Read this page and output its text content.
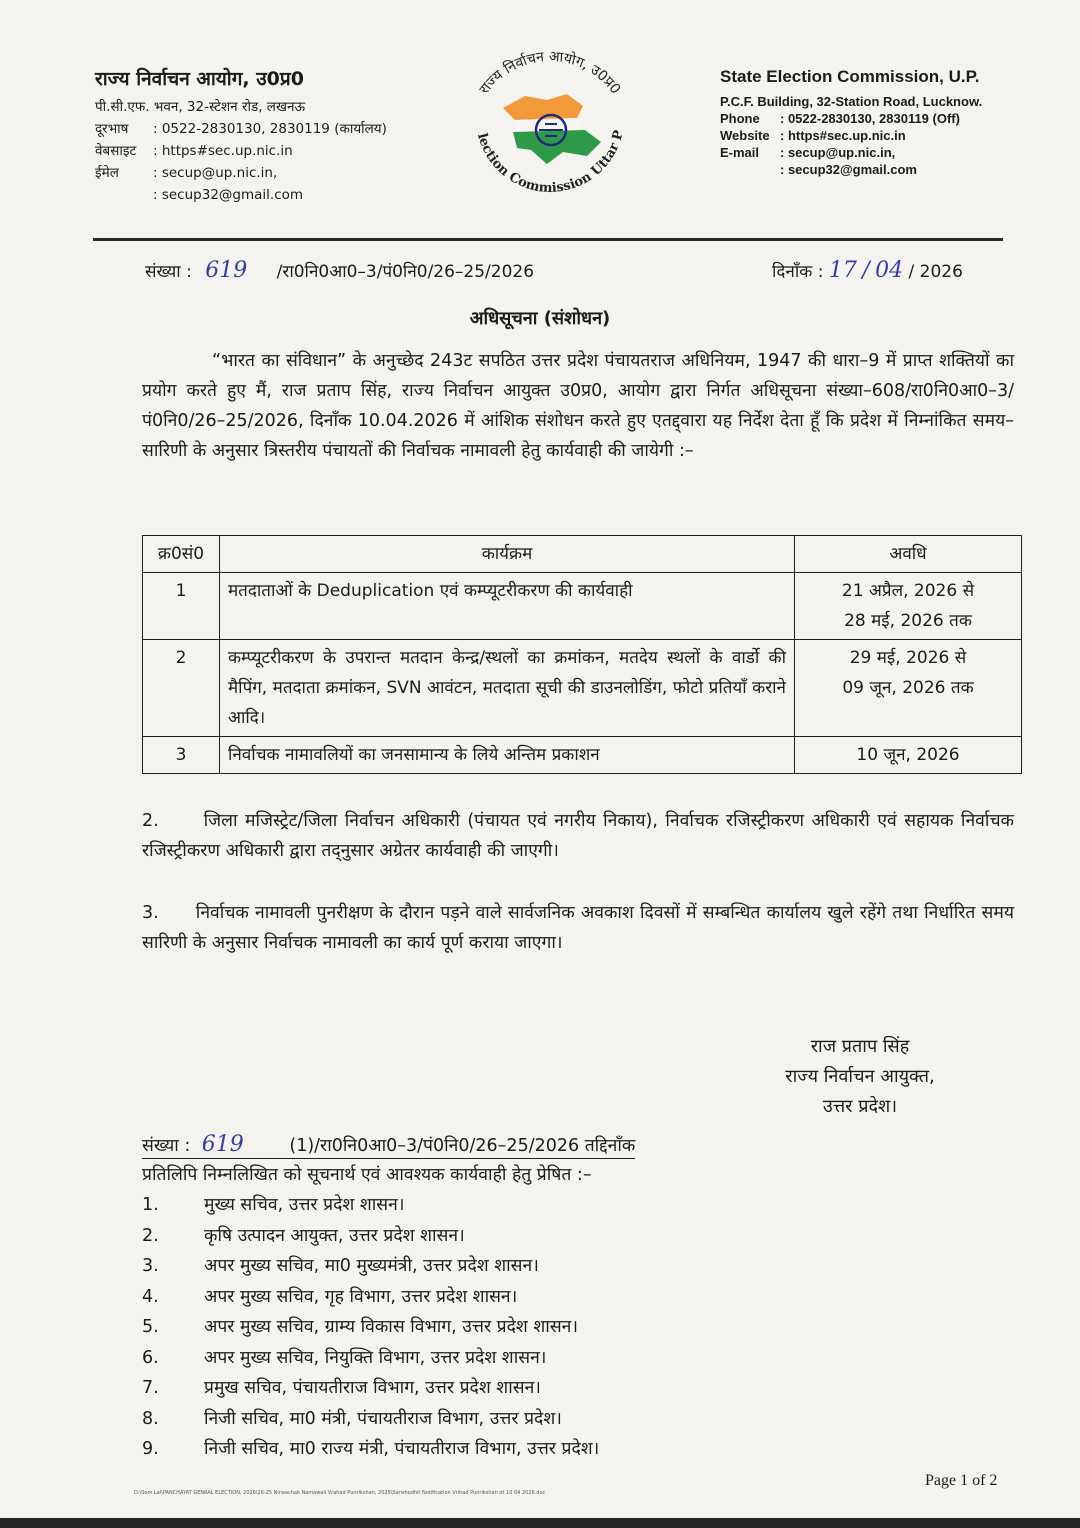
राज्य निर्वाचन आयोग, उ0प्र0
पी.सी.एफ. भवन, 32-स्टेशन रोड, लखनऊ
दूरभाष	: 0522-2830130, 2830119 (कार्यालय)
वेबसाइट	: https#sec.up.nic.in
ईमेल	: secup@up.nic.in,
: secup32@gmail.com
राज्य निर्वाचन आयोग, उ0प्र0
lection Commission Uttar P
State Election Commission, U.P.
P.C.F. Building, 32-Station Road, Lucknow.
Phone	: 0522-2830130, 2830119 (Off)
Website : https#sec.up.nic.in
E-mail	: secup@up.nic.in,
: secup32@gmail.com
संख्या : 619 /रा0नि0आ0–3/पं0नि0/26–25/2026	दिनाँक : 17 / 04 / 2026
अधिसूचना (संशोधन)
“भारत का संविधान” के अनुच्छेद 243ट सपठित उत्तर प्रदेश पंचायतराज अधिनियम, 1947 की धारा–9 में प्राप्त शक्तियों का प्रयोग करते हुए मैं, राज प्रताप सिंह, राज्य निर्वाचन आयुक्त उ0प्र0, आयोग द्वारा निर्गत अधिसूचना संख्या–608/रा0नि0आ0–3/पं0नि0/26–25/2026, दिनाँक 10.04.2026 में आंशिक संशोधन करते हुए एतद्द्वारा यह निर्देश देता हूँ कि प्रदेश में निम्नांकित समय–सारिणी के अनुसार त्रिस्तरीय पंचायतों की निर्वाचक नामावली हेतु कार्यवाही की जायेगी :–
क्र0सं0	कार्यक्रम	अवधि
1	मतदाताओं के Deduplication एवं कम्प्यूटरीकरण की कार्यवाही	21 अप्रैल, 2026 से
28 मई, 2026 तक

2	कम्प्यूटरीकरण के उपरान्त मतदान केन्द्र/स्थलों का क्रमांकन, मतदेय स्थलों के वार्डो की मैपिंग, मतदाता क्रमांकन, SVN आवंटन, मतदाता सूची की डाउनलोडिंग, फोटो प्रतियाँ कराने आदि।	29 मई, 2026 से
09 जून, 2026 तक

3	निर्वाचक नामावलियों का जनसामान्य के लिये अन्तिम प्रकाशन	10 जून, 2026
2.      जिला मजिस्ट्रेट/जिला निर्वाचन अधिकारी (पंचायत एवं नगरीय निकाय), निर्वाचक रजिस्ट्रीकरण अधिकारी एवं सहायक निर्वाचक रजिस्ट्रीकरण अधिकारी द्वारा तद्नुसार अग्रेतर कार्यवाही की जाएगी।
3.      निर्वाचक नामावली पुनरीक्षण के दौरान पड़ने वाले सार्वजनिक अवकाश दिवसों में सम्बन्धित कार्यालय खुले रहेंगे तथा निर्धारित समय सारिणी के अनुसार निर्वाचक नामावली का कार्य पूर्ण कराया जाएगा।
राज प्रताप सिंह
राज्य निर्वाचन आयुक्त,
उत्तर प्रदेश।
संख्या : 619	(1)/रा0नि0आ0–3/पं0नि0/26–25/2026 तद्दिनाँक
प्रतिलिपि निम्नलिखित को सूचनार्थ एवं आवश्यक कार्यवाही हेतु प्रेषित :–
1.	मुख्य सचिव, उत्तर प्रदेश शासन।
2.	कृषि उत्पादन आयुक्त, उत्तर प्रदेश शासन।
3.	अपर मुख्य सचिव, मा0 मुख्यमंत्री, उत्तर प्रदेश शासन।
4.	अपर मुख्य सचिव, गृह विभाग, उत्तर प्रदेश शासन।
5.	अपर मुख्य सचिव, ग्राम्य विकास विभाग, उत्तर प्रदेश शासन।
6.	अपर मुख्य सचिव, नियुक्ति विभाग, उत्तर प्रदेश शासन।
7.	प्रमुख सचिव, पंचायतीराज विभाग, उत्तर प्रदेश शासन।
8.	निजी सचिव, मा0 मंत्री, पंचायतीराज विभाग, उत्तर प्रदेश।
9.	निजी सचिव, मा0 राज्य मंत्री, पंचायतीराज विभाग, उत्तर प्रदेश।
Page 1 of 2
D:\Som Lal\PANCHAYAT GENRAL ELECTION, 2026\26-25 Nirwachak Namawali Vrahad Punrikshan, 2025\Sanshodhit Notification Vrihad Punrikshan dt 10 04 2026.doc
